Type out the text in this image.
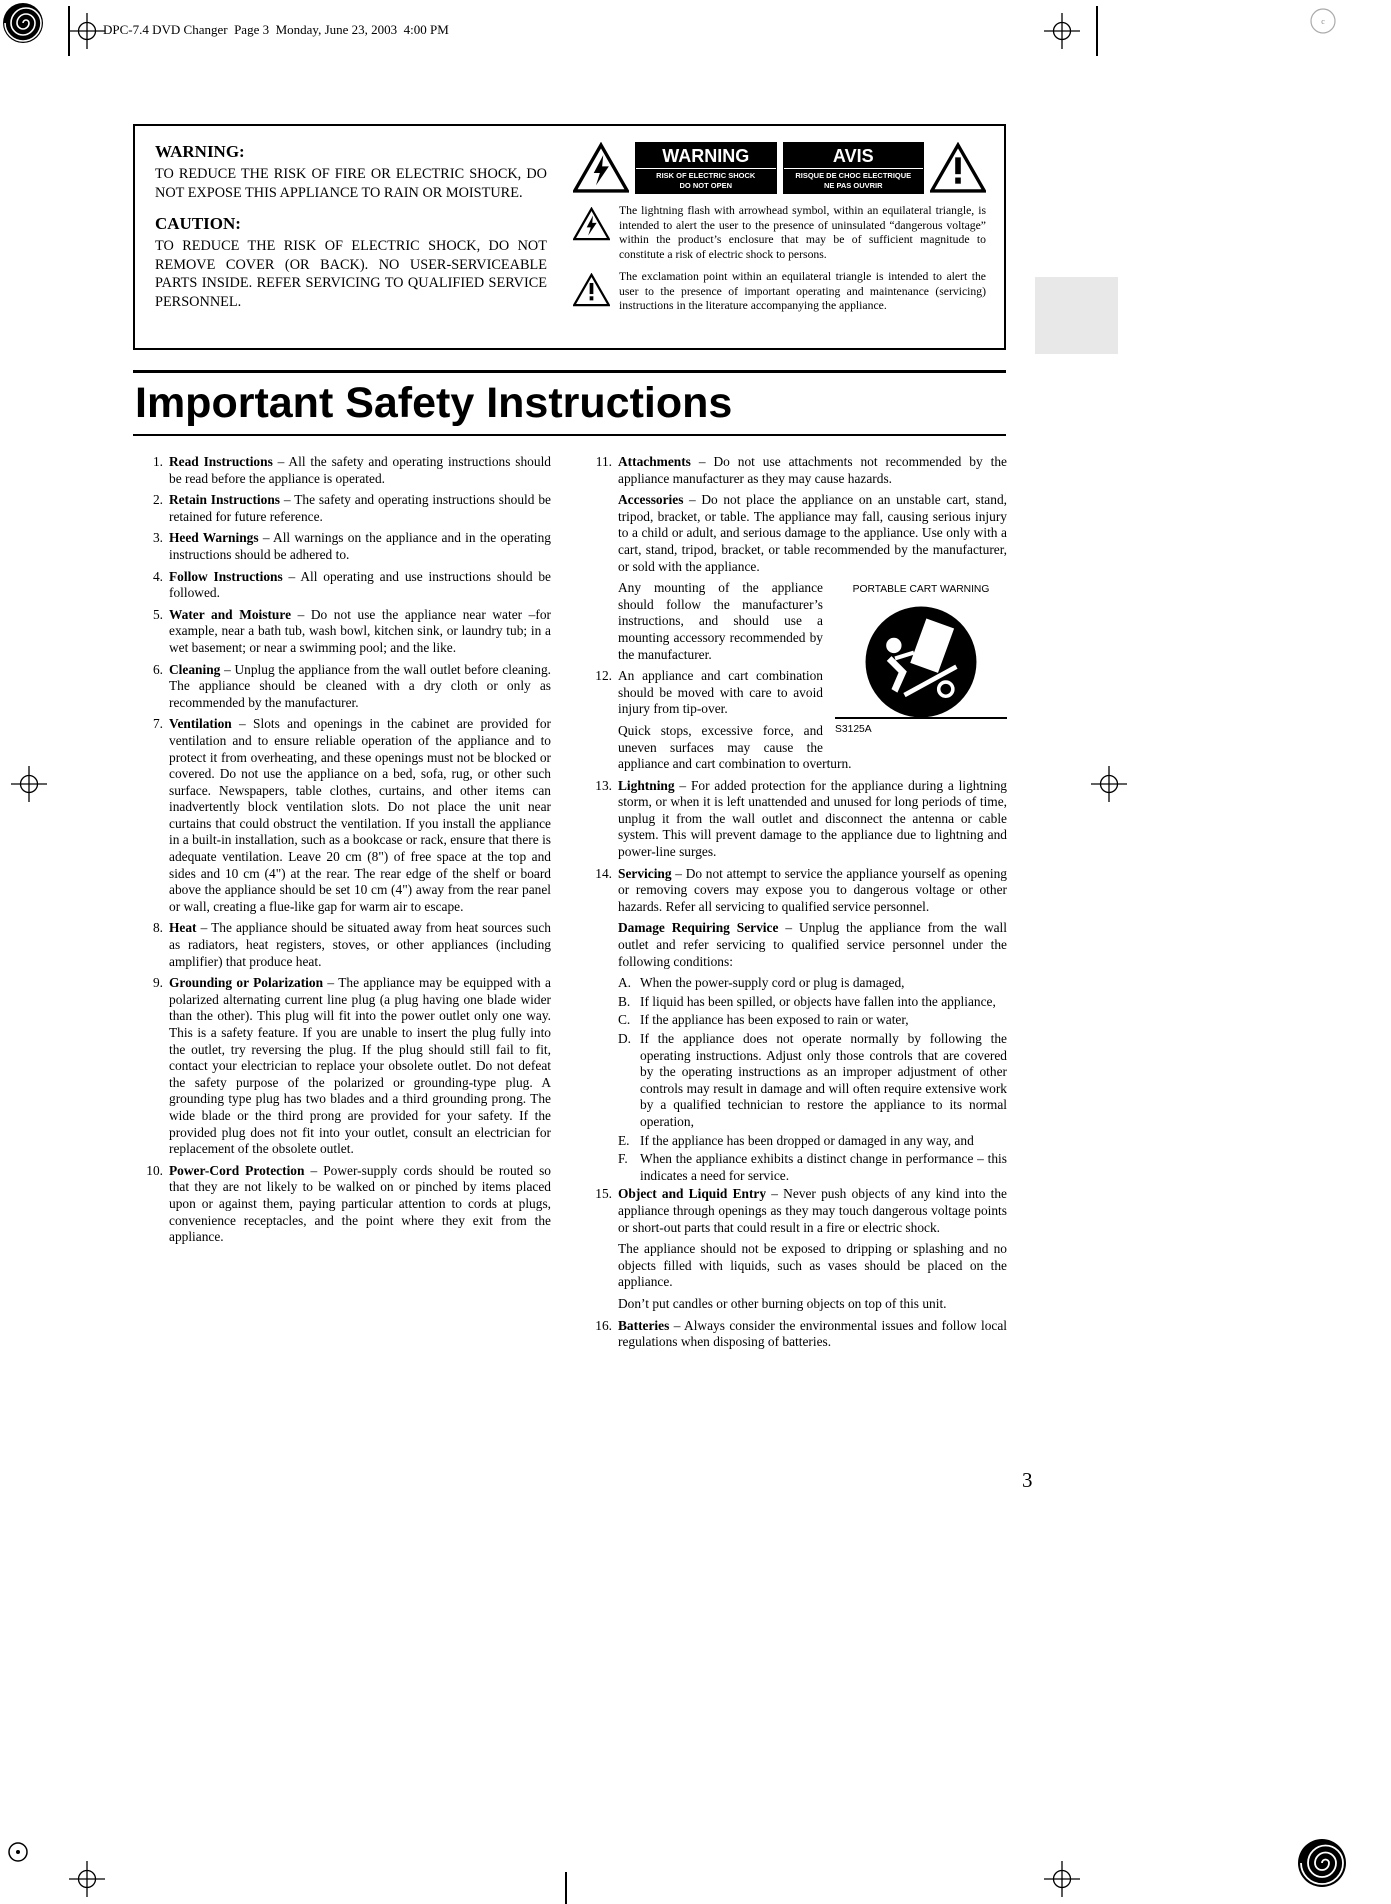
c
DPC-7.4 DVD Changer  Page 3  Monday, June 23, 2003  4:00 PM
WARNING:

TO REDUCE THE RISK OF FIRE OR ELECTRIC SHOCK, DO NOT EXPOSE THIS APPLIANCE TO RAIN OR MOISTURE.

CAUTION:

TO REDUCE THE RISK OF ELECTRIC SHOCK, DO NOT REMOVE COVER (OR BACK). NO USER-SERVICEABLE PARTS INSIDE. REFER SERVICING TO QUALIFIED SERVICE PERSONNEL.

WARNING
RISK OF ELECTRIC SHOCK
DO NOT OPEN
AVIS
RISQUE DE CHOC ELECTRIQUE
NE PAS OUVRIR

The lightning flash with arrowhead symbol, within an equilateral triangle, is intended to alert the user to the presence of uninsulated “dangerous voltage” within the product’s enclosure that may be of sufficient magnitude to constitute a risk of electric shock to persons.

The exclamation point within an equilateral triangle is intended to alert the user to the presence of important operating and maintenance (servicing) instructions in the literature accompanying the appliance.

Important Safety Instructions

1. Read Instructions – All the safety and operating instructions should be read before the appliance is operated.

2. Retain Instructions – The safety and operating instructions should be retained for future reference.

3. Heed Warnings – All warnings on the appliance and in the operating instructions should be adhered to.

4. Follow Instructions – All operating and use instructions should be followed.

5. Water and Moisture – Do not use the appliance near water –for example, near a bath tub, wash bowl, kitchen sink, or laundry tub; in a wet basement; or near a swimming pool; and the like.

6. Cleaning – Unplug the appliance from the wall outlet before cleaning. The appliance should be cleaned with a dry cloth or only as recommended by the manufacturer.

7. Ventilation – Slots and openings in the cabinet are provided for ventilation and to ensure reliable operation of the appliance and to protect it from overheating, and these openings must not be blocked or covered. Do not use the appliance on a bed, sofa, rug, or other such surface. Newspapers, table clothes, curtains, and other items can inadvertently block ventilation slots. Do not place the unit near curtains that could obstruct the ventilation. If you install the appliance in a built-in installation, such as a bookcase or rack, ensure that there is adequate ventilation. Leave 20 cm (8") of free space at the top and sides and 10 cm (4") at the rear. The rear edge of the shelf or board above the appliance should be set 10 cm (4") away from the rear panel or wall, creating a flue-like gap for warm air to escape.

8. Heat – The appliance should be situated away from heat sources such as radiators, heat registers, stoves, or other appliances (including amplifier) that produce heat.

9. Grounding or Polarization – The appliance may be equipped with a polarized alternating current line plug (a plug having one blade wider than the other). This plug will fit into the power outlet only one way. This is a safety feature. If you are unable to insert the plug fully into the outlet, try reversing the plug. If the plug should still fail to fit, contact your electrician to replace your obsolete outlet. Do not defeat the safety purpose of the polarized or grounding-type plug. A grounding type plug has two blades and a third grounding prong. The wide blade or the third prong are provided for your safety. If the provided plug does not fit into your outlet, consult an electrician for replacement of the obsolete outlet.

10. Power-Cord Protection – Power-supply cords should be routed so that they are not likely to be walked on or pinched by items placed upon or against them, paying particular attention to cords at plugs, convenience receptacles, and the point where they exit from the appliance.

11. Attachments – Do not use attachments not recommended by the appliance manufacturer as they may cause hazards.

Accessories – Do not place the appliance on an unstable cart, stand, tripod, bracket, or table. The appliance may fall, causing serious injury to a child or adult, and serious damage to the appliance. Use only with a cart, stand, tripod, bracket, or table recommended by the manufacturer, or sold with the appliance.

PORTABLE CART WARNING
S3125A
Any mounting of the appliance should follow the manufacturer’s instructions, and should use a mounting accessory recommended by the manufacturer.

12. An appliance and cart combination should be moved with care to avoid injury from tip-over.

Quick stops, excessive force, and uneven surfaces may cause the appliance and cart combination to overturn.

13. Lightning – For added protection for the appliance during a lightning storm, or when it is left unattended and unused for long periods of time, unplug it from the wall outlet and disconnect the antenna or cable system. This will prevent damage to the appliance due to lightning and power-line surges.

14. Servicing – Do not attempt to service the appliance yourself as opening or removing covers may expose you to dangerous voltage or other hazards. Refer all servicing to qualified service personnel.

Damage Requiring Service – Unplug the appliance from the wall outlet and refer servicing to qualified service personnel under the following conditions:

A. When the power-supply cord or plug is damaged,

B. If liquid has been spilled, or objects have fallen into the appliance,

C. If the appliance has been exposed to rain or water,

D. If the appliance does not operate normally by following the operating instructions. Adjust only those controls that are covered by the operating instructions as an improper adjustment of other controls may result in damage and will often require extensive work by a qualified technician to restore the appliance to its normal operation,

E. If the appliance has been dropped or damaged in any way, and

F. When the appliance exhibits a distinct change in performance – this indicates a need for service.

15. Object and Liquid Entry – Never push objects of any kind into the appliance through openings as they may touch dangerous voltage points or short-out parts that could result in a fire or electric shock.

The appliance should not be exposed to dripping or splashing and no objects filled with liquids, such as vases should be placed on the appliance.

Don’t put candles or other burning objects on top of this unit.

16. Batteries – Always consider the environmental issues and follow local regulations when disposing of batteries.

3
